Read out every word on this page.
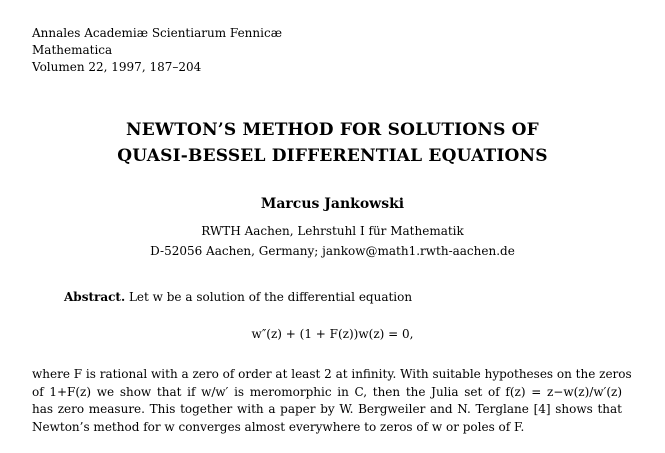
Annales Academiæ Scientiarum Fennicæ
Mathematica
Volumen 22, 1997, 187–204
NEWTON’S METHOD FOR SOLUTIONS OF
QUASI-BESSEL DIFFERENTIAL EQUATIONS
Marcus Jankowski
RWTH Aachen, Lehrstuhl I für Mathematik
D-52056 Aachen, Germany; jankow@math1.rwth-aachen.de
Abstract. Let w be a solution of the differential equation
w″(z) + (1 + F(z))w(z) = 0,
where F is rational with a zero of order at least 2 at infinity. With suitable hypotheses on the zeros
of 1+F(z) we show that if w/w′ is meromorphic in C, then the Julia set of f(z) = z−w(z)/w′(z)
has zero measure. This together with a paper by W. Bergweiler and N. Terglane [4] shows that
Newton’s method for w converges almost everywhere to zeros of w or poles of F.
